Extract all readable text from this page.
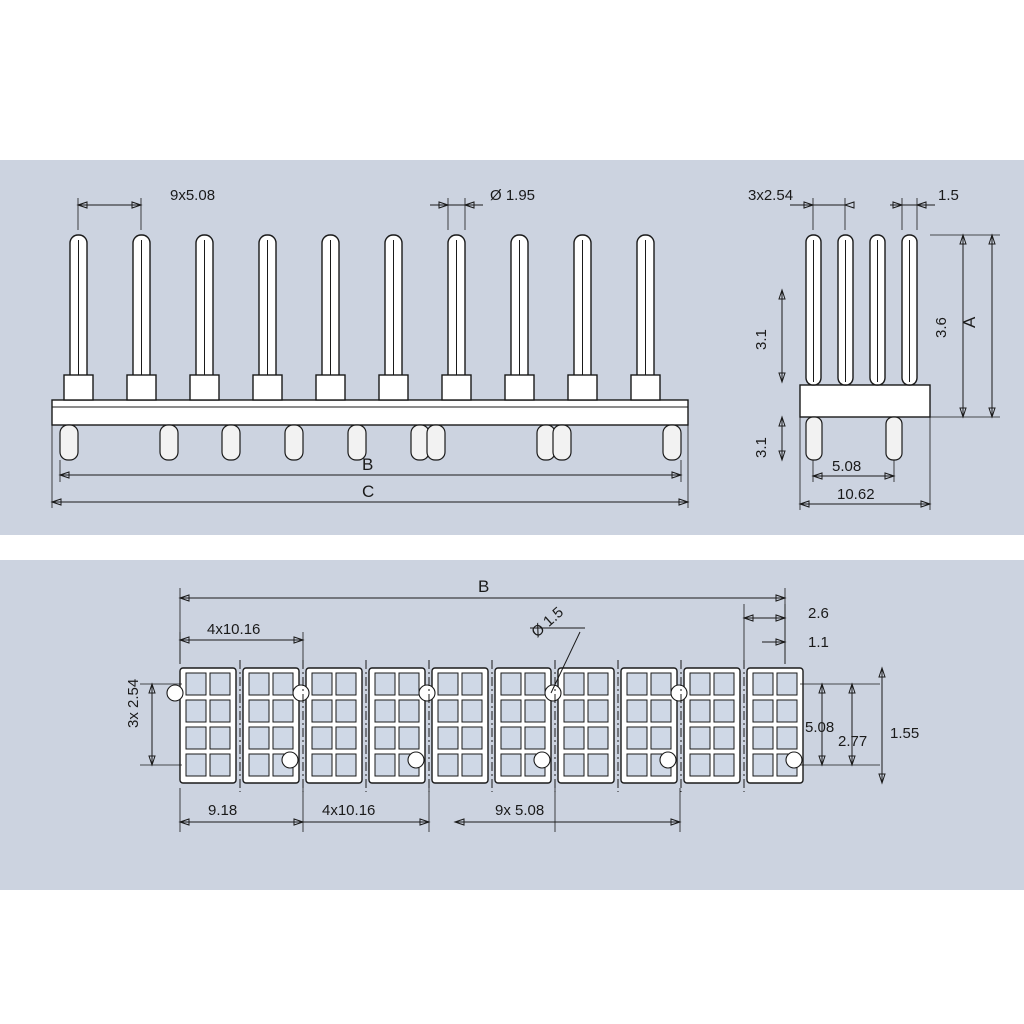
9x5.08	Ø 1.95
B
C
3x2.54	1.5
A
3.6
3.1
3.1
5.08
10.62
B
4x10.16	Ø 1.5	2.6
1.1
3x 2.54
9.18	4x10.16	9x 5.08
5.08
2.77 1.55
